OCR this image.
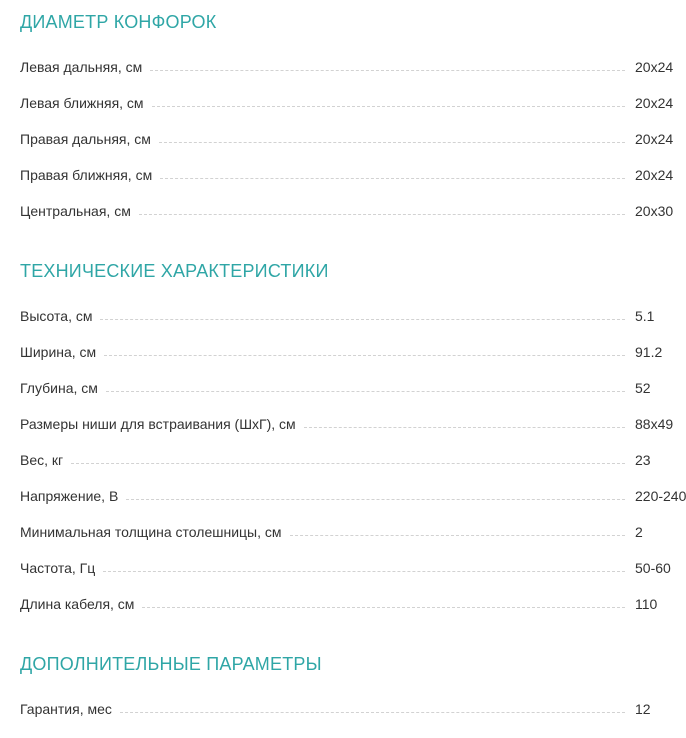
ДИАМЕТР КОНФОРОК
Левая дальняя, см	20x24
Левая ближняя, см	20x24
Правая дальняя, см	20x24
Правая ближняя, см	20x24
Центральная, см	20x30
ТЕХНИЧЕСКИЕ ХАРАКТЕРИСТИКИ
Высота, см	5.1
Ширина, см	91.2
Глубина, см	52
Размеры ниши для встраивания (ШхГ), см	88x49
Вес, кг	23
Напряжение, В	220-240
Минимальная толщина столешницы, см	2
Частота, Гц	50-60
Длина кабеля, см	110
ДОПОЛНИТЕЛЬНЫЕ ПАРАМЕТРЫ
Гарантия, мес	12
